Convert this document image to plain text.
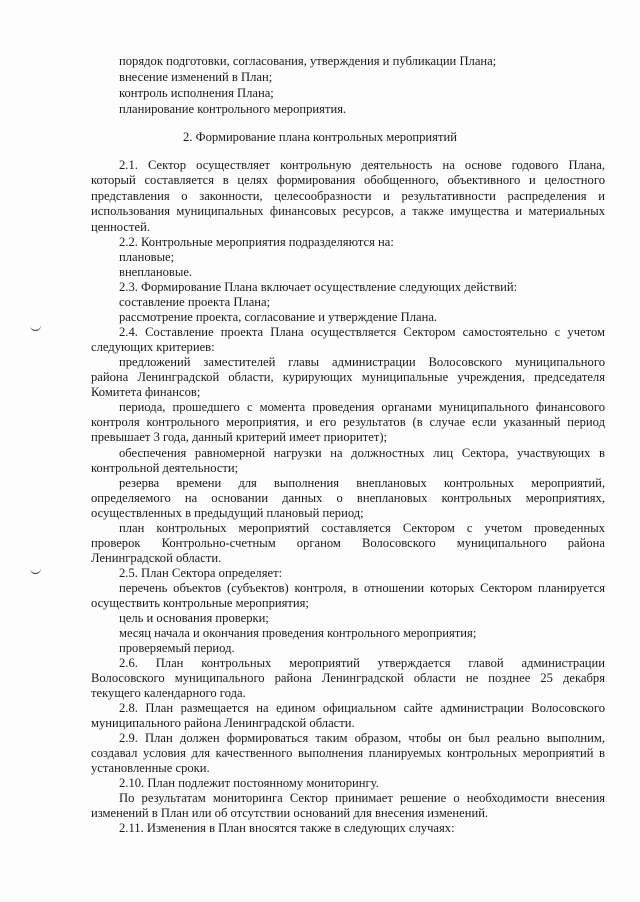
порядок подготовки, согласования, утверждения и публикации Плана;

внесение изменений в План;

контроль исполнения Плана;

планирование контрольного мероприятия.

2. Формирование плана контрольных мероприятий

2.1. Сектор осуществляет контрольную деятельность на основе годового Плана,

который составляется в целях формирования обобщенного, объективного и целостного

представления о законности, целесообразности и результативности распределения и

использования муниципальных финансовых ресурсов, а также имущества и материальных

ценностей.

2.2. Контрольные мероприятия подразделяются на:

плановые;

внеплановые.

2.3. Формирование Плана включает осуществление следующих действий:

составление проекта Плана;

рассмотрение проекта, согласование и утверждение Плана.

2.4. Составление проекта Плана осуществляется Сектором самостоятельно с учетом

следующих критериев:

предложений заместителей главы администрации Волосовского муниципального

района Ленинградской области, курирующих муниципальные учреждения, председателя

Комитета финансов;

периода, прошедшего с момента проведения органами муниципального финансового

контроля контрольного мероприятия, и его результатов (в случае если указанный период

превышает 3 года, данный критерий имеет приоритет);

обеспечения равномерной нагрузки на должностных лиц Сектора, участвующих в

контрольной деятельности;

резерва времени для выполнения внеплановых контрольных мероприятий,

определяемого на основании данных о внеплановых контрольных мероприятиях,

осуществленных в предыдущий плановый период;

план контрольных мероприятий составляется Сектором с учетом проведенных

проверок Контрольно-счетным органом Волосовского муниципального района

Ленинградской области.

2.5. План Сектора определяет:

перечень объектов (субъектов) контроля, в отношении которых Сектором планируется

осуществить контрольные мероприятия;

цель и основания проверки;

месяц начала и окончания проведения контрольного мероприятия;

проверяемый период.

2.6. План контрольных мероприятий утверждается главой администрации

Волосовского муниципального района Ленинградской области не позднее 25 декабря

текущего календарного года.

2.8. План размещается на едином официальном сайте администрации Волосовского

муниципального района Ленинградской области.

2.9. План должен формироваться таким образом, чтобы он был реально выполним,

создавал условия для качественного выполнения планируемых контрольных мероприятий в

установленные сроки.

2.10. План подлежит постоянному мониторингу.

По результатам мониторинга Сектор принимает решение о необходимости внесения

изменений в План или об отсутствии оснований для внесения изменений.

2.11. Изменения в План вносятся также в следующих случаях:
